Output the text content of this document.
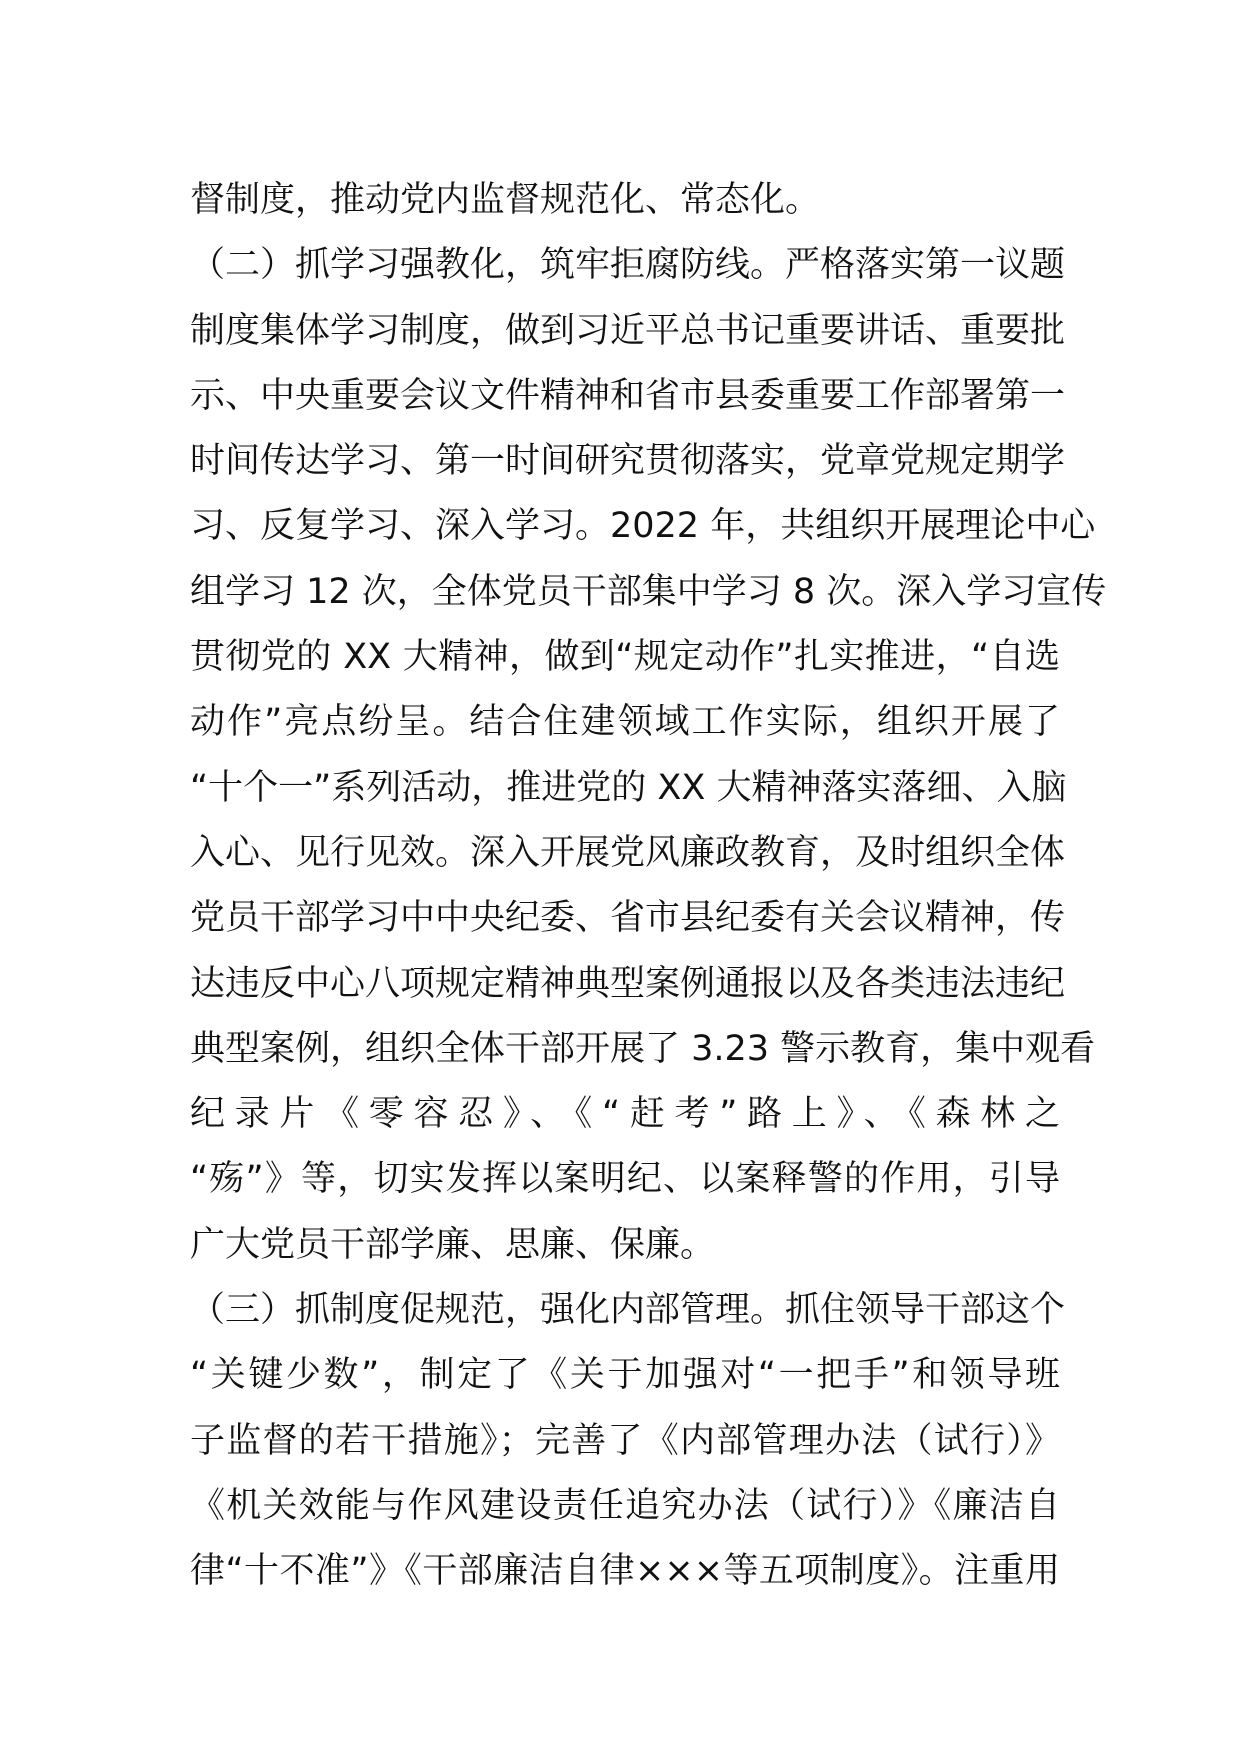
督制度，推动党内监督规范化、常态化。
（二）抓学习强教化，筑牢拒腐防线。严格落实第一议题
制度集体学习制度，做到习近平总书记重要讲话、重要批
示、中央重要会议文件精神和省市县委重要工作部署第一
时间传达学习、第一时间研究贯彻落实，党章党规定期学
习、反复学习、深入学习。2022 年，共组织开展理论中心
组学习 12 次，全体党员干部集中学习 8 次。深入学习宣传
贯彻党的 XX 大精神，做到“规定动作”扎实推进，“自选
动作”亮点纷呈。结合住建领域工作实际，组织开展了
“十个一”系列活动，推进党的 XX 大精神落实落细、入脑
入心、见行见效。深入开展党风廉政教育，及时组织全体
党员干部学习中中央纪委、省市县纪委有关会议精神，传
达违反中心八项规定精神典型案例通报以及各类违法违纪
典型案例，组织全体干部开展了 3.23 警示教育，集中观看
纪录片《零容忍》、《“赶考”路上》、《森林之
“殇”》等，切实发挥以案明纪、以案释警的作用，引导
广大党员干部学廉、思廉、保廉。
（三）抓制度促规范，强化内部管理。抓住领导干部这个
“关键少数”，制定了《关于加强对“一把手”和领导班
子监督的若干措施》；完善了《内部管理办法（试行）》
《机关效能与作风建设责任追究办法（试行）》《廉洁自
律“十不准”》《干部廉洁自律×××等五项制度》。注重用
